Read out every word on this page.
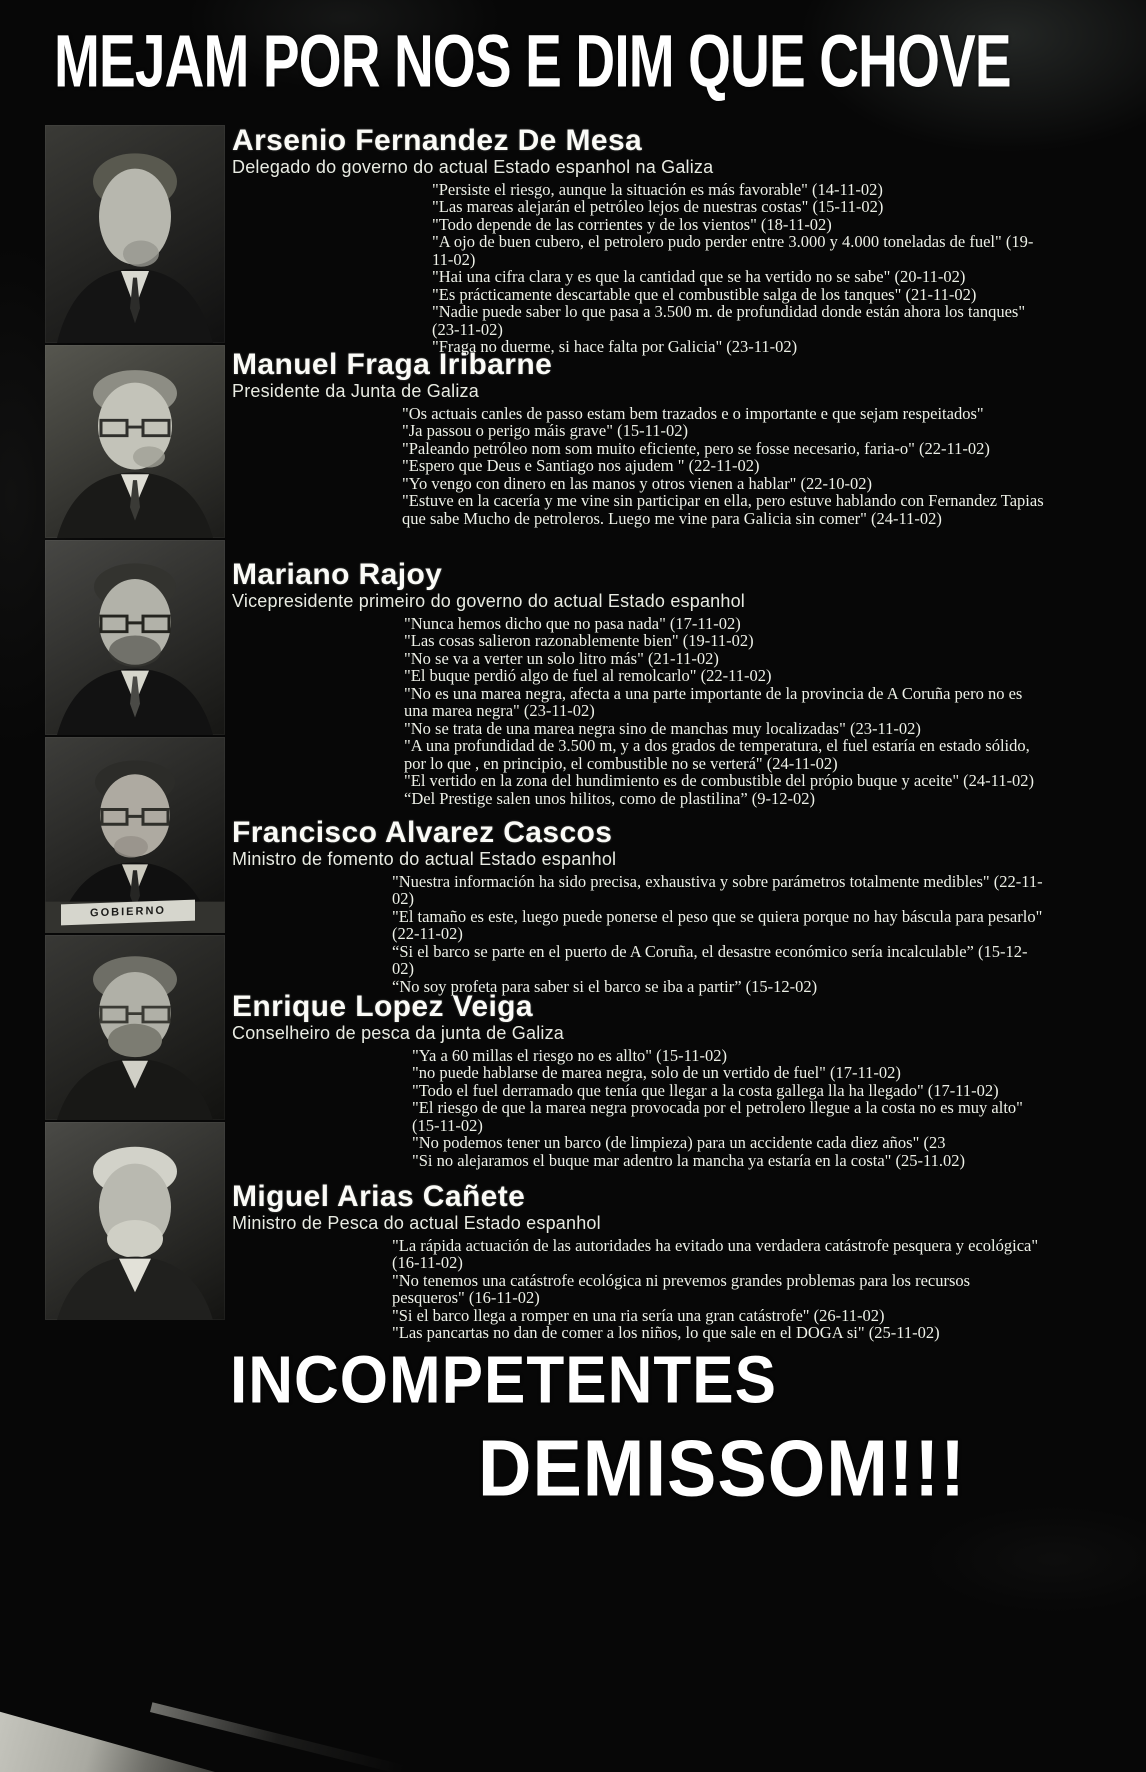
MEJAM POR NOS E DIM QUE CHOVE
GOBIERNO
Arsenio Fernandez De Mesa

Delegado do governo do actual Estado espanhol na Galiza

"Persiste el riesgo, aunque la situación es más favorable" (14-11-02)
"Las mareas alejarán el petróleo lejos de nuestras costas" (15-11-02)
"Todo depende de las corrientes y de los vientos" (18-11-02)
"A ojo de buen cubero, el petrolero pudo perder entre 3.000 y 4.000 toneladas de fuel" (19-11-02)
"Hai una cifra clara y es que la cantidad que se ha vertido no se sabe" (20-11-02)
"Es prácticamente descartable que el combustible salga de los tanques" (21-11-02)
"Nadie puede saber lo que pasa a 3.500 m. de profundidad donde están ahora los tanques" (23-11-02)
"Fraga no duerme, si hace falta por Galicia" (23-11-02)
Manuel Fraga Iribarne

Presidente da Junta de Galiza

"Os actuais canles de passo estam bem trazados e o importante e que sejam respeitados"
"Ja passou o perigo máis grave" (15-11-02)
"Paleando petróleo nom som muito eficiente, pero se fosse necesario, faria-o" (22-11-02)
"Espero que Deus e Santiago nos ajudem " (22-11-02)
"Yo vengo con dinero en las manos y otros vienen a hablar" (22-10-02)
"Estuve en la cacería y me vine sin participar en ella, pero estuve hablando con Fernandez Tapias que sabe Mucho de petroleros. Luego me vine para Galicia sin comer" (24-11-02)
Mariano Rajoy

Vicepresidente primeiro do governo do actual Estado espanhol

"Nunca hemos dicho que no pasa nada" (17-11-02)
"Las cosas salieron razonablemente bien" (19-11-02)
"No se va a verter un solo litro más" (21-11-02)
"El buque perdió algo de fuel al remolcarlo" (22-11-02)
"No es una marea negra, afecta a una parte importante de la provincia de A Coruña pero no es una marea negra" (23-11-02)
"No se trata de una marea negra sino de manchas muy localizadas" (23-11-02)
"A una profundidad de 3.500 m, y a dos grados de temperatura, el fuel estaría en estado sólido, por lo que , en principio, el combustible no se verterá" (24-11-02)
"El vertido en la zona del hundimiento es de combustible del própio buque y aceite" (24-11-02)
“Del Prestige salen unos hilitos, como de plastilina” (9-12-02)
Francisco Alvarez Cascos

Ministro de fomento do actual Estado espanhol

"Nuestra información ha sido precisa, exhaustiva y sobre parámetros totalmente medibles" (22-11-02)
"El tamaño es este, luego puede ponerse el peso que se quiera porque no hay báscula para pesarlo" (22-11-02)
“Si el barco se parte en el puerto de A Coruña, el desastre económico sería incalculable” (15-12-02)
“No soy profeta para saber si el barco se iba a partir” (15-12-02)
Enrique Lopez Veiga

Conselheiro de pesca da junta de Galiza

"Ya a 60 millas el riesgo no es allto" (15-11-02)
"no puede hablarse de marea negra, solo de un vertido de fuel" (17-11-02)
"Todo el fuel derramado que tenía que llegar a la costa gallega lla ha llegado" (17-11-02)
"El riesgo de que la marea negra provocada por el petrolero llegue a la costa no es muy alto" (15-11-02)
"No podemos tener un barco (de limpieza) para un accidente cada diez años" (23
"Si no alejaramos el buque mar adentro la mancha ya estaría en la costa" (25-11.02)
Miguel Arias Cañete

Ministro de Pesca do actual Estado espanhol

"La rápida actuación de las autoridades ha evitado una verdadera catástrofe pesquera y ecológica" (16-11-02)
"No tenemos una catástrofe ecológica ni prevemos grandes problemas para los recursos pesqueros" (16-11-02)
"Si el barco llega a romper en una ria sería una gran catástrofe" (26-11-02)
"Las pancartas no dan de comer a los niños, lo que sale en el DOGA si" (25-11-02)
INCOMPETENTES
DEMISSOM!!!
